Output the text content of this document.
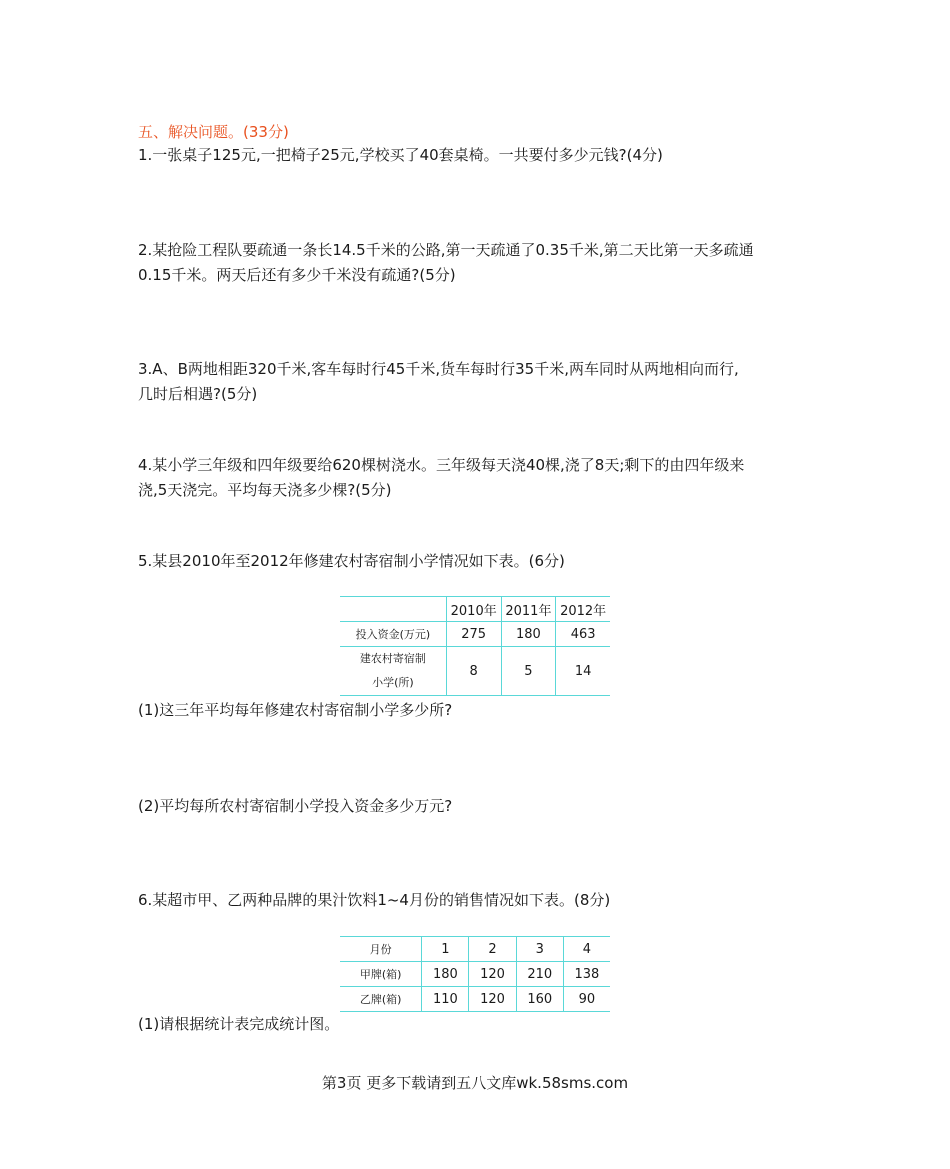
五、解决问题。(33分)
1.一张桌子125元,一把椅子25元,学校买了40套桌椅。一共要付多少元钱?(4分)
2.某抢险工程队要疏通一条长14.5千米的公路,第一天疏通了0.35千米,第二天比第一天多疏通
0.15千米。两天后还有多少千米没有疏通?(5分)
3.A、B两地相距320千米,客车每时行45千米,货车每时行35千米,两车同时从两地相向而行,
几时后相遇?(5分)
4.某小学三年级和四年级要给620棵树浇水。三年级每天浇40棵,浇了8天;剩下的由四年级来
浇,5天浇完。平均每天浇多少棵?(5分)
5.某县2010年至2012年修建农村寄宿制小学情况如下表。(6分)
	2010年	2011年	2012年
投入资金(万元)	275	180	463

建农村寄宿制
小学(所)	8	5	14
(1)这三年平均每年修建农村寄宿制小学多少所?
(2)平均每所农村寄宿制小学投入资金多少万元?
6.某超市甲、乙两种品牌的果汁饮料1~4月份的销售情况如下表。(8分)
月份	1	2	3	4
甲牌(箱)	180	120	210	138
乙牌(箱)	110	120	160	90
(1)请根据统计表完成统计图。
第3页 更多下载请到五八文库wk.58sms.com
